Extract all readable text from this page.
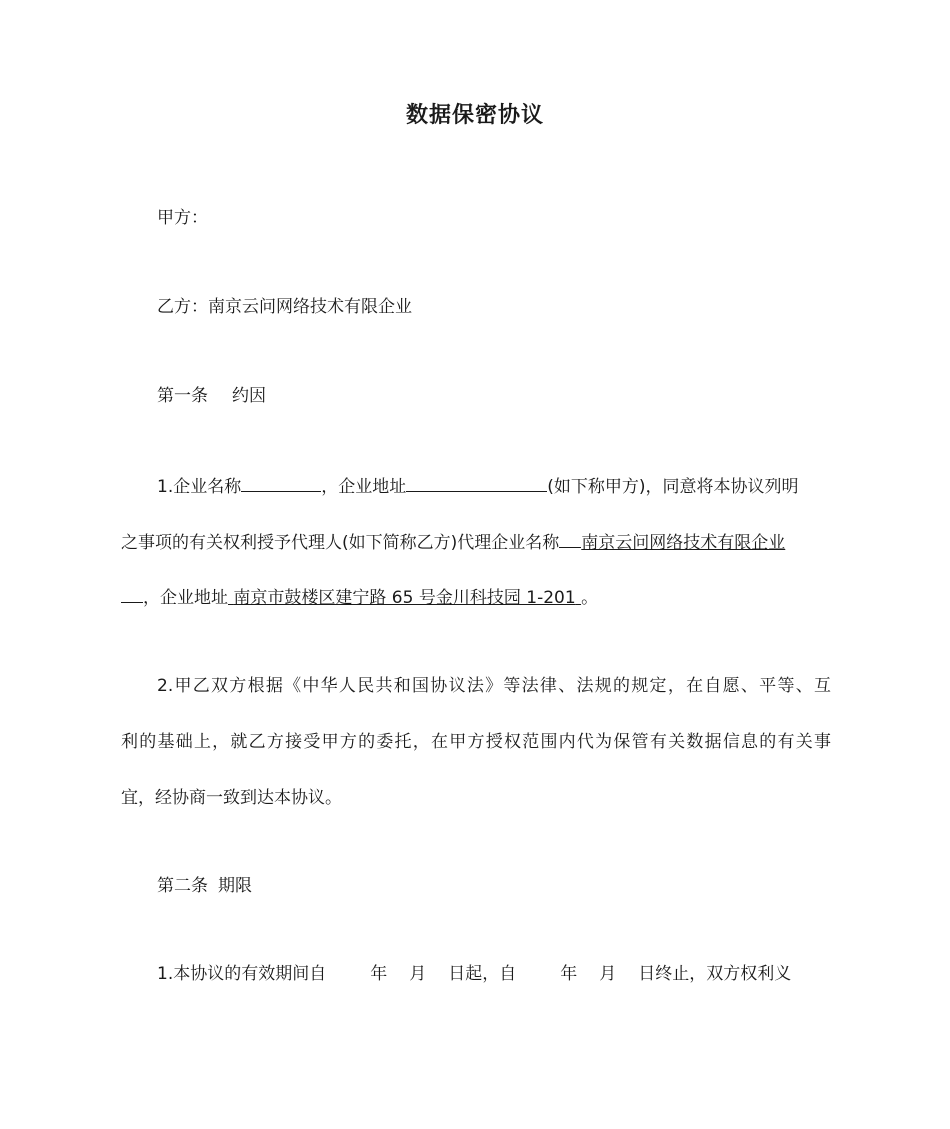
数据保密协议
甲方：
乙方：南京云问网络技术有限企业
第一条 约因
1.企业名称	，企业地址	(如下称甲方)，同意将本协议列明
之事项的有关权利授予代理人(如下简称乙方)代理企业名称 南京云问网络技术有限企业
，企业地址 南京市鼓楼区建宁路 65 号金川科技园 1-201 。
2.甲乙双方根据《中华人民共和国协议法》等法律、法规的规定，在自愿、平等、互
利的基础上，就乙方接受甲方的委托，在甲方授权范围内代为保管有关数据信息的有关事
宜，经协商一致到达本协议。
第二条 期限
1.本协议的有效期间自	年 月 日起，自	年 月 日终止，双方权利义
